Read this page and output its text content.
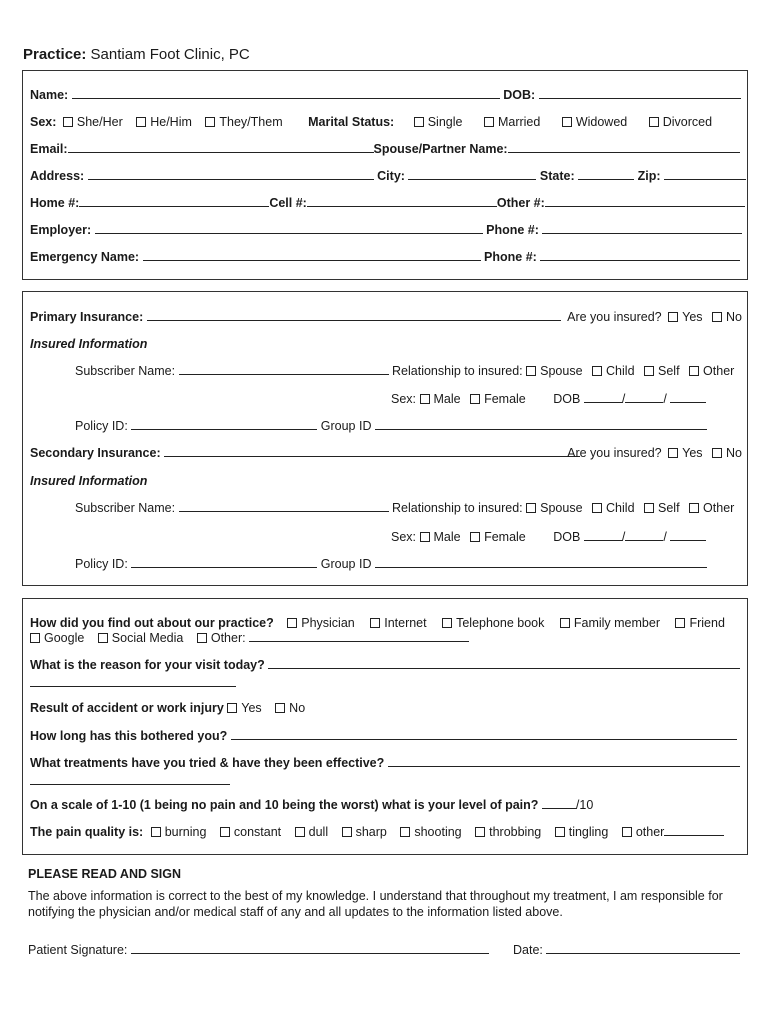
Practice: Santiam Foot Clinic, PC
Name:	DOB:
Sex: She/Her He/Him They/Them Marital Status:	Single	Married	Widowed	Divorced
Email:	Spouse/Partner Name:
Address:	City:	State:	Zip:
Home #:	Cell #:	Other #:
Employer:	Phone #:
Emergency Name:	Phone #:
Primary Insurance:	Are you insured? Yes No
Insured Information
Subscriber Name:	Relationship to insured: Spouse Child Self Other
Sex: Male Female DOB	/	/
Policy ID:	Group ID
Secondary Insurance:	Are you insured? Yes No
Insured Information
Subscriber Name:	Relationship to insured: Spouse Child Self Other
Sex: Male Female DOB	/	/
Policy ID:	Group ID
How did you find out about our practice? Physician Internet Telephone book Family member Friend
Google Social Media Other:
What is the reason for your visit today?
Result of accident or work injury Yes No
How long has this bothered you?
What treatments have you tried & have they been effective?
On a scale of 1-10 (1 being no pain and 10 being the worst) what is your level of pain?	/10
The pain quality is: burning constant dull sharp shooting throbbing tingling other
PLEASE READ AND SIGN
The above information is correct to the best of my knowledge. I understand that throughout my treatment, I am responsible for
notifying the physician and/or medical staff of any and all updates to the information listed above.
Patient Signature:	Date:
